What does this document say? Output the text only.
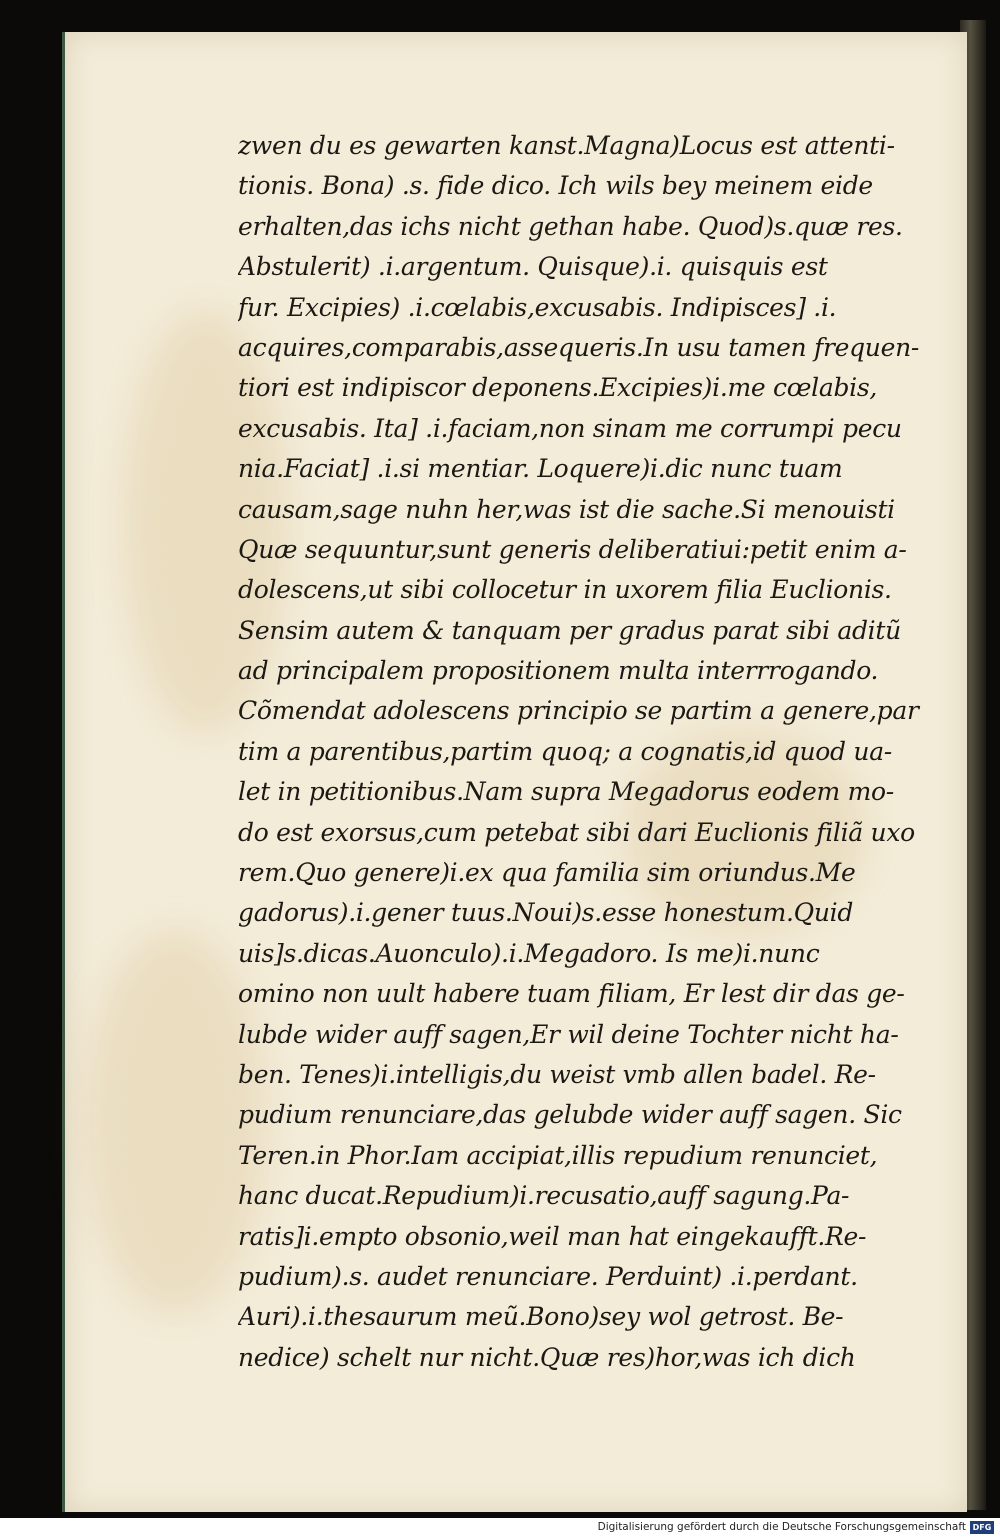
zwen du es gewarten kanst.Magna)Locus est attenti-
tionis. Bona) .s. fide dico. Ich wils bey meinem eide
erhalten,das ichs nicht gethan habe. Quod)s.quæ res.
Abstulerit) .i.argentum. Quisque).i. quisquis est
fur. Excipies) .i.cœlabis,excusabis. Indipisces] .i.
acquires,comparabis,assequeris.In usu tamen frequen-
tiori est indipiscor deponens.Excipies)i.me cœlabis,
excusabis. Ita] .i.faciam,non sinam me corrumpi pecu
nia.Faciat] .i.si mentiar. Loquere)i.dic nunc tuam
causam,sage nuhn her,was ist die sache.Si menouisti
Quæ sequuntur,sunt generis deliberatiui:petit enim a-
dolescens,ut sibi collocetur in uxorem filia Euclionis.
Sensim autem & tanquam per gradus parat sibi aditũ
ad principalem propositionem multa interrrogando.
Cõmendat adolescens principio se partim a genere,par
tim a parentibus,partim quoq; a cognatis,id quod ua-
let in petitionibus.Nam supra Megadorus eodem mo-
do est exorsus,cum petebat sibi dari Euclionis filiã uxo
rem.Quo genere)i.ex qua familia sim oriundus.Me
gadorus).i.gener tuus.Noui)s.esse honestum.Quid
uis]s.dicas.Auonculo).i.Megadoro. Is me)i.nunc
omino non uult habere tuam filiam, Er lest dir das ge-
lubde wider auff sagen,Er wil deine Tochter nicht ha-
ben. Tenes)i.intelligis,du weist vmb allen badel. Re-
pudium renunciare,das gelubde wider auff sagen. Sic
Teren.in Phor.Iam accipiat,illis repudium renunciet,
hanc ducat.Repudium)i.recusatio,auff sagung.Pa-
ratis]i.empto obsonio,weil man hat eingekaufft.Re-
pudium).s. audet renunciare. Perduint) .i.perdant.
Auri).i.thesaurum meũ.Bono)sey wol getrost. Be-
nedice) schelt nur nicht.Quæ res)hor,was ich dich
Digitalisierung gefördert durch die Deutsche Forschungsgemeinschaft DFG
